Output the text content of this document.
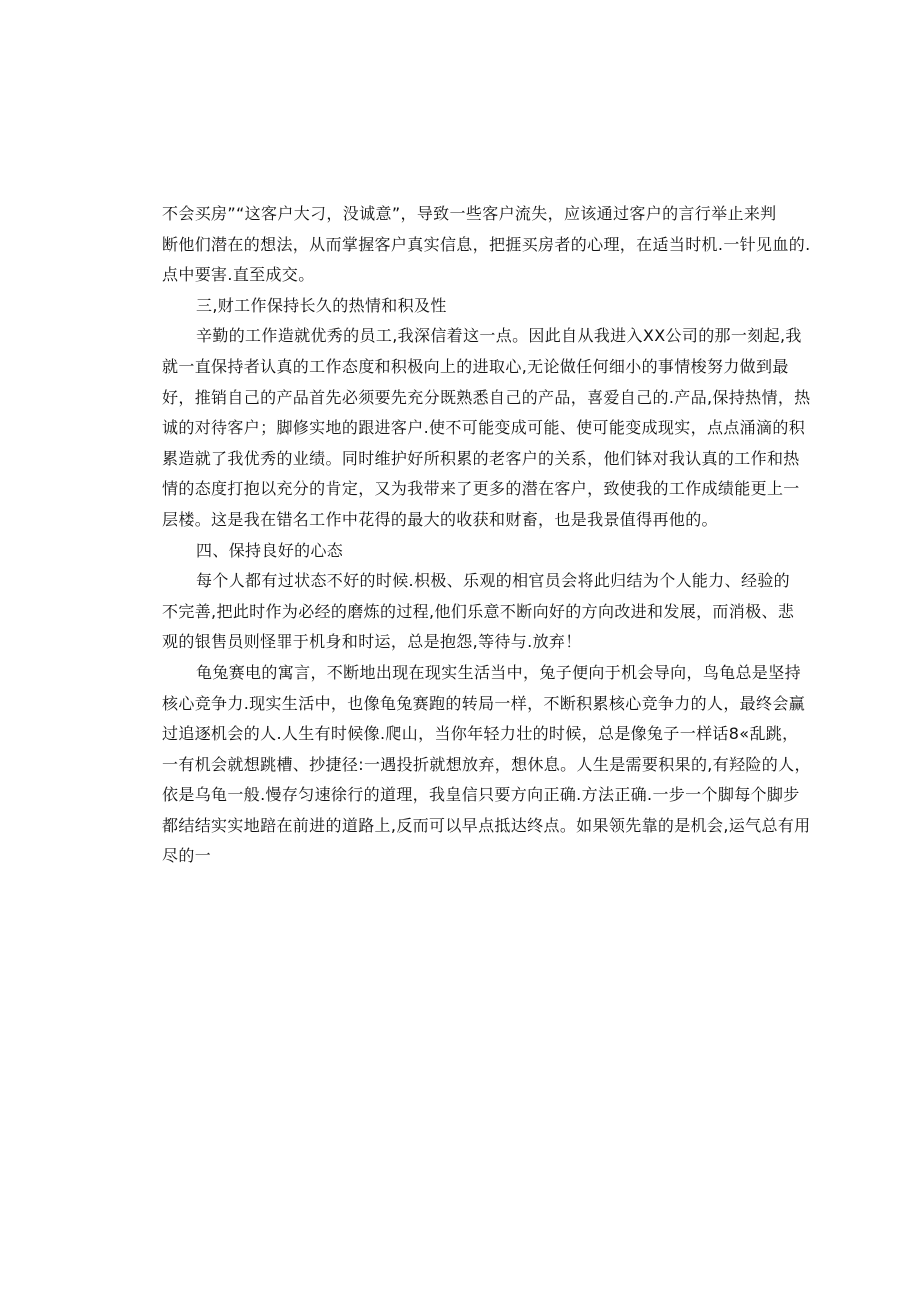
不会买房”“这客户大刁，没诚意”，导致一些客户流失，应该通过客户的言行举止来判
断他们潜在的想法，从而掌握客户真实信息，把捱买房者的心理，在适当时机.一针见血的.
点中要害.直至成交。
三,财工作保持长久的热情和积及性
辛勤的工作造就优秀的员工,我深信着这一点。因此自从我进入XX公司的那一刻起,我
就一直保持者认真的工作态度和积极向上的进取心,无论做任何细小的事情梭努力做到最
好，推销自己的产品首先必须要先充分既熟悉自己的产品，喜爱自己的.产品,保持热情，热
诚的对待客户；脚修实地的跟进客户.使不可能变成可能、使可能变成现实，点点涌滴的积
累造就了我优秀的业绩。同时维护好所积累的老客户的关系，他们钵对我认真的工作和热
情的态度打抱以充分的肯定，又为我带来了更多的潜在客户，致使我的工作成绩能更上一
层楼。这是我在错名工作中花得的最大的收获和财畜，也是我景值得再他的。
四、保持良好的心态
每个人都有过状态不好的时候.枳极、乐观的相官员会将此归结为个人能力、经验的
不完善,把此时作为必经的磨炼的过程,他们乐意不断向好的方向改进和发展，而消极、悲
观的银售员则怪罪于机身和时运，总是抱怨,等待与.放弃！
龟兔赛电的寓言，不断地出现在现实生活当中，兔子便向于机会导向，鸟龟总是坚持
核心竞争力.现实生活中，也像龟兔赛跑的转局一样，不断积累核心竞争力的人，最终会赢
过追逐机会的人.人生有时候像.爬山，当你年轻力壮的时候，总是像兔子一样话8«乱跳，
一有机会就想跳槽、抄捷径:一遇投折就想放弃，想休息。人生是需要积果的,有羟险的人，
依是乌龟一般.慢存匀速徐行的道理，我皇信只要方向正确.方法正确.一步一个脚每个脚步
都结结实实地踣在前进的道路上,反而可以早点抵达终点。如果领先靠的是机会,运气总有用
尽的一
